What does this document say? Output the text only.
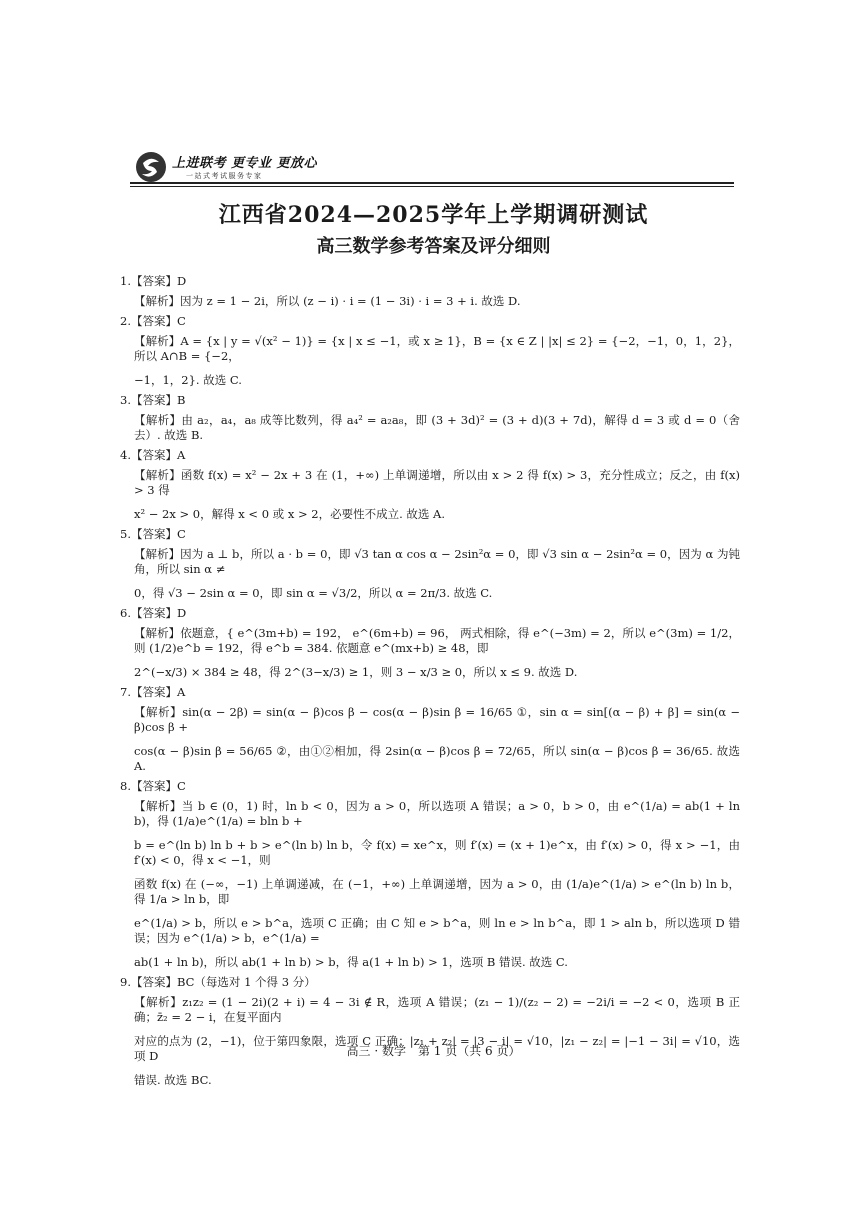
上进联考 更专业 更放心
一站式考试服务专家
江西省2024—2025学年上学期调研测试
高三数学参考答案及评分细则
1.【答案】D
【解析】因为 z = 1 − 2i，所以 (z − i) · i = (1 − 3i) · i = 3 + i. 故选 D.
2.【答案】C
【解析】A = {x | y = √(x² − 1)} = {x | x ≤ −1，或 x ≥ 1}，B = {x ∈ Z | |x| ≤ 2} = {−2，−1，0，1，2}，所以 A∩B = {−2，
−1，1，2}. 故选 C.
3.【答案】B
【解析】由 a₂，a₄，a₈ 成等比数列，得 a₄² = a₂a₈，即 (3 + 3d)² = (3 + d)(3 + 7d)，解得 d = 3 或 d = 0（舍去）. 故选 B.
4.【答案】A
【解析】函数 f(x) = x² − 2x + 3 在 (1，+∞) 上单调递增，所以由 x > 2 得 f(x) > 3，充分性成立；反之，由 f(x) > 3 得
x² − 2x > 0，解得 x < 0 或 x > 2，必要性不成立. 故选 A.
5.【答案】C
【解析】因为 a ⊥ b，所以 a · b = 0，即 √3 tan α cos α − 2sin²α = 0，即 √3 sin α − 2sin²α = 0，因为 α 为钝角，所以 sin α ≠
0，得 √3 − 2sin α = 0，即 sin α = √3/2，所以 α = 2π/3. 故选 C.
6.【答案】D
【解析】依题意，{ e^(3m+b) = 192， e^(6m+b) = 96， 两式相除，得 e^(−3m) = 2，所以 e^(3m) = 1/2，则 (1/2)e^b = 192，得 e^b = 384. 依题意 e^(mx+b) ≥ 48，即
2^(−x/3) × 384 ≥ 48，得 2^(3−x/3) ≥ 1，则 3 − x/3 ≥ 0，所以 x ≤ 9. 故选 D.
7.【答案】A
【解析】sin(α − 2β) = sin(α − β)cos β − cos(α − β)sin β = 16/65 ①，sin α = sin[(α − β) + β] = sin(α − β)cos β +
cos(α − β)sin β = 56/65 ②，由①②相加，得 2sin(α − β)cos β = 72/65，所以 sin(α − β)cos β = 36/65. 故选 A.
8.【答案】C
【解析】当 b ∈ (0，1) 时，ln b < 0，因为 a > 0，所以选项 A 错误；a > 0，b > 0，由 e^(1/a) = ab(1 + ln b)，得 (1/a)e^(1/a) = bln b +
b = e^(ln b) ln b + b > e^(ln b) ln b，令 f(x) = xe^x，则 f′(x) = (x + 1)e^x，由 f′(x) > 0，得 x > −1，由 f′(x) < 0，得 x < −1，则
函数 f(x) 在 (−∞，−1) 上单调递减，在 (−1，+∞) 上单调递增，因为 a > 0，由 (1/a)e^(1/a) > e^(ln b) ln b，得 1/a > ln b，即
e^(1/a) > b，所以 e > b^a，选项 C 正确；由 C 知 e > b^a，则 ln e > ln b^a，即 1 > aln b，所以选项 D 错误；因为 e^(1/a) > b，e^(1/a) =
ab(1 + ln b)，所以 ab(1 + ln b) > b，得 a(1 + ln b) > 1，选项 B 错误. 故选 C.
9.【答案】BC（每选对 1 个得 3 分）
【解析】z₁z₂ = (1 − 2i)(2 + i) = 4 − 3i ∉ R，选项 A 错误；(z₁ − 1)/(z₂ − 2) = −2i/i = −2 < 0，选项 B 正确；z̄₂ = 2 − i，在复平面内
对应的点为 (2，−1)，位于第四象限，选项 C 正确；|z₁ + z₂| = |3 − i| = √10，|z₁ − z₂| = |−1 − 3i| = √10，选项 D
错误. 故选 BC.
高三 · 数学　第 1 页（共 6 页）
